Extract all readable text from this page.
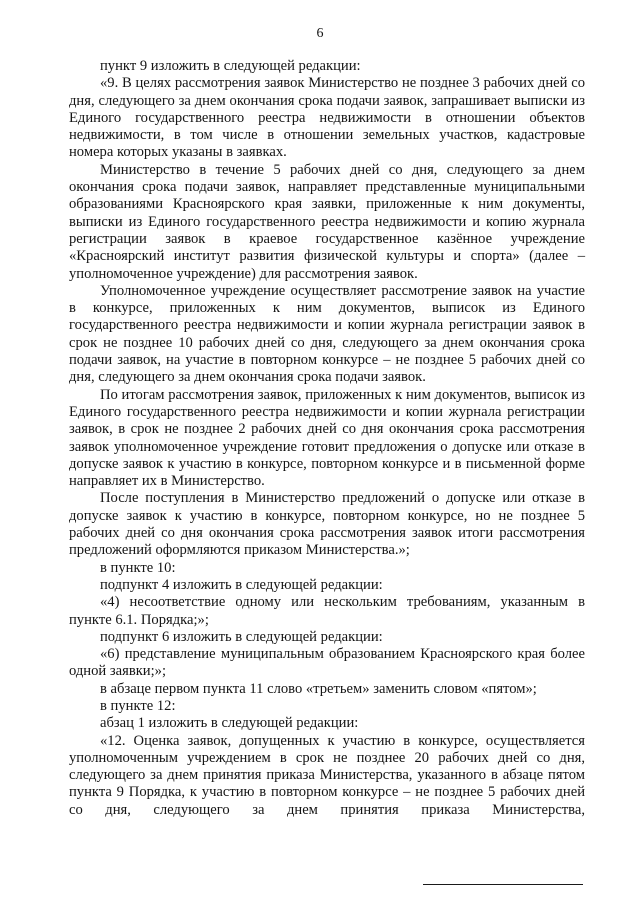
6

пункт 9 изложить в следующей редакции:

«9. В целях рассмотрения заявок Министерство не позднее 3 рабочих дней со дня, следующего за днем окончания срока подачи заявок, запрашивает выписки из Единого государственного реестра недвижимости в отношении объектов недвижимости, в том числе в отношении земельных участков, кадастровые номера которых указаны в заявках.

Министерство в течение 5 рабочих дней со дня, следующего за днем окончания срока подачи заявок, направляет представленные муниципальными образованиями Красноярского края заявки, приложенные к ним документы, выписки из Единого государственного реестра недвижимости и копию журнала регистрации заявок в краевое государственное казённое учреждение «Красноярский институт развития физической культуры и спорта» (далее – уполномоченное учреждение) для рассмотрения заявок.

Уполномоченное учреждение осуществляет рассмотрение заявок на участие в конкурсе, приложенных к ним документов, выписок из Единого государственного реестра недвижимости и копии журнала регистрации заявок в срок не позднее 10 рабочих дней со дня, следующего за днем окончания срока подачи заявок, на участие в повторном конкурсе – не позднее 5 рабочих дней со дня, следующего за днем окончания срока подачи заявок.

По итогам рассмотрения заявок, приложенных к ним документов, выписок из Единого государственного реестра недвижимости и копии журнала регистрации заявок, в срок не позднее 2 рабочих дней со дня окончания срока рассмотрения заявок уполномоченное учреждение готовит предложения о допуске или отказе в допуске заявок к участию в конкурсе, повторном конкурсе и в письменной форме направляет их в Министерство.

После поступления в Министерство предложений о допуске или отказе в допуске заявок к участию в конкурсе, повторном конкурсе, но не позднее 5 рабочих дней со дня окончания срока рассмотрения заявок итоги рассмотрения предложений оформляются приказом Министерства.»;

в пункте 10:

подпункт 4 изложить в следующей редакции:

«4) несоответствие одному или нескольким требованиям, указанным в пункте 6.1. Порядка;»;

подпункт 6 изложить в следующей редакции:

«6) представление муниципальным образованием Красноярского края более одной заявки;»;

в абзаце первом пункта 11 слово «третьем» заменить словом «пятом»;

в пункте 12:

абзац 1 изложить в следующей редакции:

«12. Оценка заявок, допущенных к участию в конкурсе, осуществляется уполномоченным учреждением в срок не позднее 20 рабочих дней со дня, следующего за днем принятия приказа Министерства, указанного в абзаце пятом пункта 9 Порядка, к участию в повторном конкурсе – не позднее 5 рабочих дней со дня, следующего за днем принятия приказа Министерства,
